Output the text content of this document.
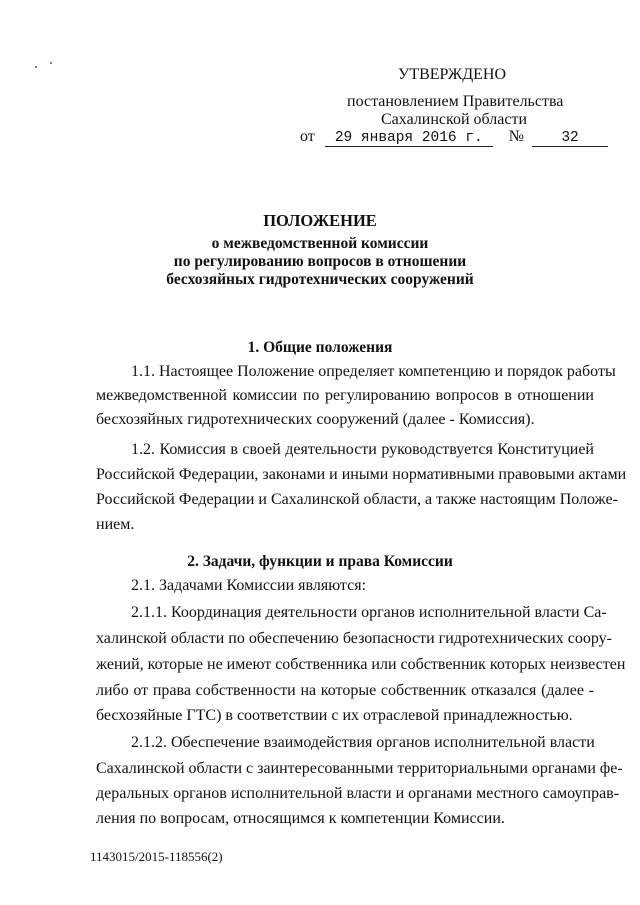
УТВЕРЖДЕНО
постановлением Правительства
Сахалинской области
от 29 января 2016 г. №	32
ПОЛОЖЕНИЕ
о межведомственной комиссии
по регулированию вопросов в отношении
бесхозяйных гидротехнических сооружений
1. Общие положения
1.1. Настоящее Положение определяет компетенцию и порядок работы
межведомственной комиссии по регулированию вопросов в отношении
бесхозяйных гидротехнических сооружений (далее - Комиссия).
1.2. Комиссия в своей деятельности руководствуется Конституцией
Российской Федерации, законами и иными нормативными правовыми актами
Российской Федерации и Сахалинской области, а также настоящим Положе-
нием.
2. Задачи, функции и права Комиссии
2.1. Задачами Комиссии являются:
2.1.1. Координация деятельности органов исполнительной власти Са-
халинской области по обеспечению безопасности гидротехнических соору-
жений, которые не имеют собственника или собственник которых неизвестен
либо от права собственности на которые собственник отказался (далее -
бесхозяйные ГТС) в соответствии с их отраслевой принадлежностью.
2.1.2. Обеспечение взаимодействия органов исполнительной власти
Сахалинской области с заинтересованными территориальными органами фе-
деральных органов исполнительной власти и органами местного самоуправ-
ления по вопросам, относящимся к компетенции Комиссии.
1143015/2015-118556(2)
